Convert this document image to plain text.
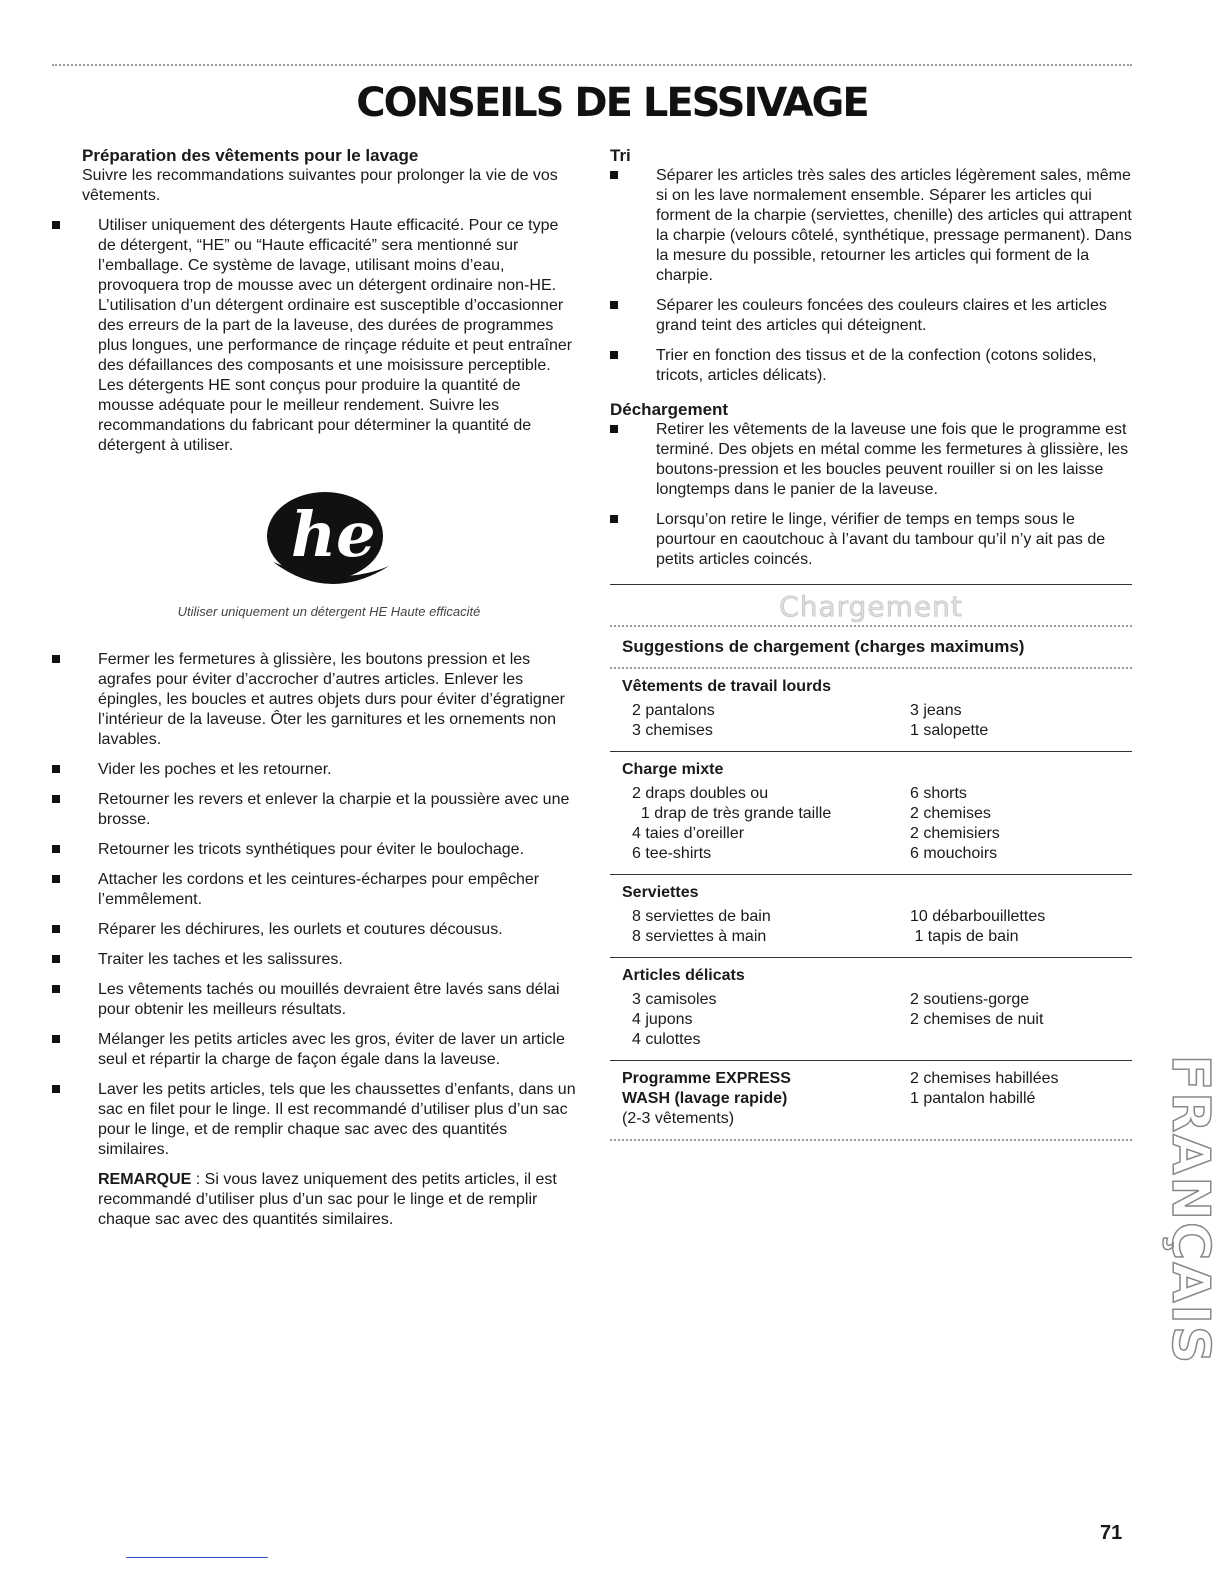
CONSEILS DE LESSIVAGE
Préparation des vêtements pour le lavage

Suivre les recommandations suivantes pour prolonger la vie de vos vêtements.

Utiliser uniquement des détergents Haute efficacité. Pour ce type de détergent, “HE” ou “Haute efficacité” sera mentionné sur l’emballage. Ce système de lavage, utilisant moins d’eau, provoquera trop de mousse avec un détergent ordinaire non-HE. L’utilisation d’un détergent ordinaire est susceptible d’occasionner des erreurs de la part de la laveuse, des durées de programmes plus longues, une performance de rinçage réduite et peut entraîner des défaillances des composants et une moisissure perceptible. Les détergents HE sont conçus pour produire la quantité de mousse adéquate pour le meilleur rendement. Suivre les recommandations du fabricant pour déterminer la quantité de détergent à utiliser.
he
Utiliser uniquement un détergent HE Haute efficacité
Fermer les fermetures à glissière, les boutons pression et les agrafes pour éviter d’accrocher d’autres articles. Enlever les épingles, les boucles et autres objets durs pour éviter d’égratigner l’intérieur de la laveuse. Ôter les garnitures et les ornements non lavables.
Vider les poches et les retourner.
Retourner les revers et enlever la charpie et la poussière avec une brosse.
Retourner les tricots synthétiques pour éviter le boulochage.
Attacher les cordons et les ceintures-écharpes pour empêcher l’emmêlement.
Réparer les déchirures, les ourlets et coutures décousus.
Traiter les taches et les salissures.
Les vêtements tachés ou mouillés devraient être lavés sans délai pour obtenir les meilleurs résultats.
Mélanger les petits articles avec les gros, éviter de laver un article seul et répartir la charge de façon égale dans la laveuse.
Laver les petits articles, tels que les chaussettes d’enfants, dans un sac en filet pour le linge. Il est recommandé d’utiliser plus d’un sac pour le linge, et de remplir chaque sac avec des quantités similaires.
REMARQUE : Si vous lavez uniquement des petits articles, il est recommandé d’utiliser plus d’un sac pour le linge et de remplir chaque sac avec des quantités similaires.
Tri
Séparer les articles très sales des articles légèrement sales, même si on les lave normalement ensemble. Séparer les articles qui forment de la charpie (serviettes, chenille) des articles qui attrapent la charpie (velours côtelé, synthétique, pressage permanent). Dans la mesure du possible, retourner les articles qui forment de la charpie.
Séparer les couleurs foncées des couleurs claires et les articles grand teint des articles qui déteignent.
Trier en fonction des tissus et de la confection (cotons solides, tricots, articles délicats).
Déchargement
Retirer les vêtements de la laveuse une fois que le programme est terminé. Des objets en métal comme les fermetures à glissière, les boutons-pression et les boucles peuvent rouiller si on les laisse longtemps dans le panier de la laveuse.
Lorsqu’on retire le linge, vérifier de temps en temps sous le pourtour en caoutchouc à l’avant du tambour qu’il n’y ait pas de petits articles coincés.
Chargement
Suggestions de chargement (charges maximums)
Vêtements de travail lourds
2 pantalons
3 chemises
3 jeans
1 salopette
Charge mixte
2 draps doubles ou
1 drap de très grande taille
4 taies d’oreiller
6 tee-shirts
6 shorts
2 chemises
2 chemisiers
6 mouchoirs
Serviettes
8 serviettes de bain
8 serviettes à main
10 débarbouillettes
1 tapis de bain
Articles délicats
3 camisoles
4 jupons
4 culottes
2 soutiens-gorge
2 chemises de nuit
Programme EXPRESS
WASH (lavage rapide)
(2-3 vêtements)
2 chemises habillées
1 pantalon habillé	FRANÇAIS
71
